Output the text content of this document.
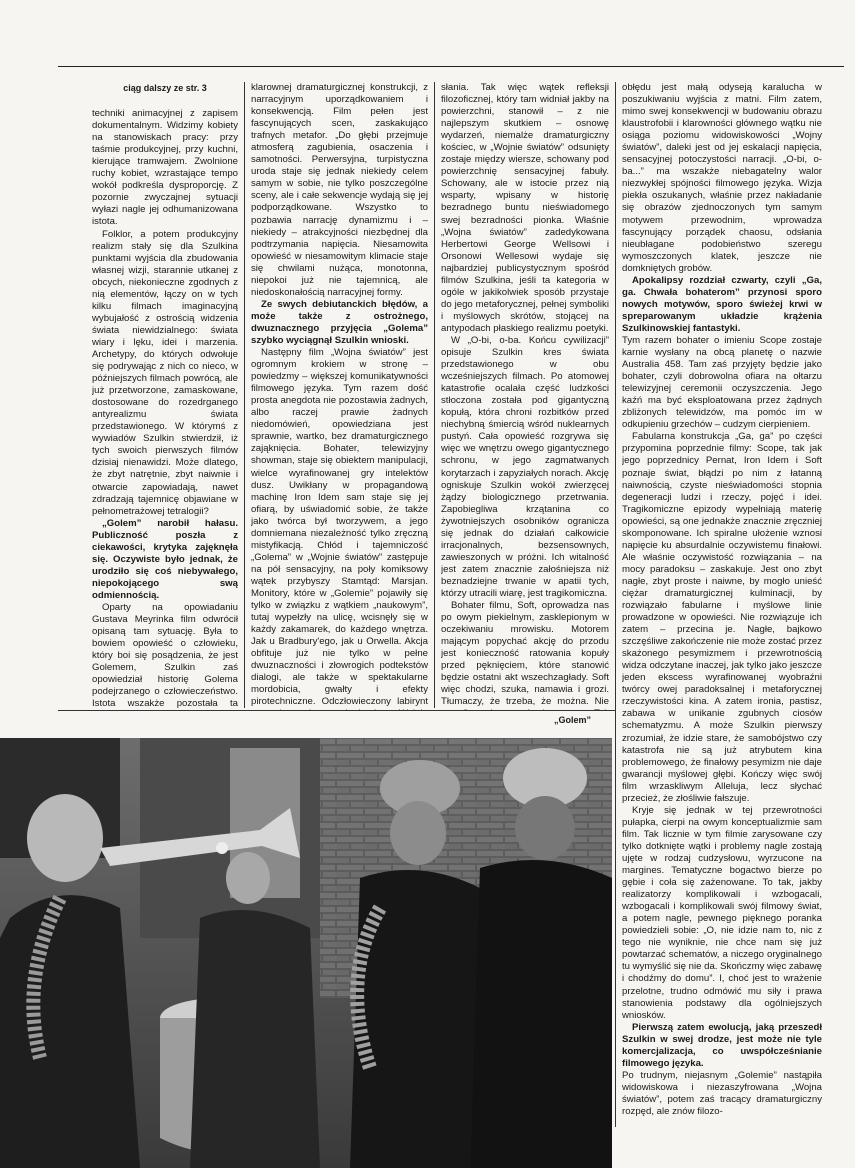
ciąg dalszy ze str. 3

techniki animacyjnej z zapisem dokumentalnym. Widzimy kobiety na stanowiskach pracy: przy taśmie produkcyjnej, przy kuchni, kierujące tramwajem. Zwolnione ruchy kobiet, wzrastające tempo wokół podkreśla dysproporcję. Z pozornie zwyczajnej sytuacji wyłazi nagle jej odhumanizowana istota.

Folklor, a potem produkcyjny realizm stały się dla Szulkina punktami wyjścia dla zbudowania własnej wizji, starannie utkanej z obcych, niekonieczne zgodnych z nią elementów, łączy on w tych kilku filmach imaginacyjną wybujałość z ostrością widzenia świata niewidzialnego: świata wiary i lęku, idei i marzenia. Archetypy, do których odwołuje się podrywając z nich co nieco, w późniejszych filmach powrócą, ale już przetworzone, zamaskowane, dostosowane do rozedrganego antyrealizmu świata przedstawionego. W którymś z wywiadów Szulkin stwierdził, iż tych swoich pierwszych filmów dzisiaj nienawidzi. Może dlatego, że zbyt natrętnie, zbyt naiwnie i otwarcie zapowiadają, nawet zdradzają tajemnicę objawiane w pełnometrażowej tetralogii?

„Golem” narobił hałasu. Publiczność poszła z ciekawości, krytyka zajęknęła się. Oczywiste było jednak, że urodziło się coś niebywałego, niepokojącego swą odmiennością.

Oparty na opowiadaniu Gustava Meyrinka film odwrócił opisaną tam sytuację. Była to bowiem opowieść o człowieku, który boi się posądzenia, że jest Golemem, Szulkin zaś opowiedział historię Golema podejrzanego o człowieczeństwo. Istota wszakże pozostała ta

klarownej dramaturgicznej konstrukcji, z narracyjnym uporządkowaniem i konsekwencją. Film pełen jest fascynujących scen, zaskakująco trafnych metafor. „Do głębi przejmuje atmosferą zagubienia, osaczenia i samotności. Perwersyjna, turpistyczna uroda staje się jednak niekiedy celem samym w sobie, nie tylko poszczególne sceny, ale i całe sekwencje wydają się jej podporządkowane. Wszystko to pozbawia narrację dynamizmu i – niekiedy – atrakcyjności niezbędnej dla podtrzymania napięcia. Niesamowita opowieść w niesamowitym klimacie staje się chwilami nużąca, monotonna, niepokoi już nie tajemnicą, ale niedoskonałością narracyjnej formy.

Ze swych debiutanckich błędów, a może także z ostrożnego, dwuznacznego przyjęcia „Golema” szybko wyciągnął Szulkin wnioski.

Następny film „Wojna światów” jest ogromnym krokiem w stronę – powiedzmy – większej komunikatywności filmowego języka. Tym razem dość prosta anegdota nie pozostawia żadnych, albo raczej prawie żadnych niedomówień, opowiedziana jest sprawnie, wartko, bez dramaturgicznego zająknięcia. Bohater, telewizyjny showman, staje się obiektem manipulacji, wielce wyrafinowanej gry intelektów dusz. Uwikłany w propagandową machinę Iron Idem sam staje się jej ofiarą, by uświadomić sobie, że także jako twórca był tworzywem, a jego domniemana niezależność tylko zręczną mistyfikacją. Chłód i tajemniczość „Golema” w „Wojnie światów” zastępuje na pół sensacyjny, na poły komiksowy wątek przybyszy Stamtąd: Marsjan. Monitory, które w „Golemie” pojawiły się tylko w związku z wątkiem „naukowym”, tutaj wypełzły na ulicę, wcisnęły się w każdy zakamarek, do każdego wnętrza. Jak u Bradbury'ego, jak u Orwella. Akcja obfituje już nie tylko w pełne dwuznaczności i złowrogich podtekstów dialogi, ale także w spektakularne mordobicia, gwałty i efekty pirotechniczne. Odczłowieczony labirynt

słania. Tak więc wątek refleksji filozoficznej, który tam widniał jakby na powierzchni, stanowił – z nie najlepszym skutkiem – osnowę wydarzeń, niemalże dramaturgiczny kościec, w „Wojnie światów” odsunięty zostaje między wiersze, schowany pod powierzchnię sensacyjnej fabuły. Schowany, ale w istocie przez nią wsparty, wpisany w historię bezradnego buntu nieświadomego swej bezradności pionka. Właśnie „Wojna światów” zadedykowana Herbertowi George Wellsowi i Orsonowi Wellesowi wydaje się najbardziej publicystycznym spośród filmów Szulkina, jeśli ta kategoria w ogóle w jakikolwiek sposób przystaje do jego metaforycznej, pełnej symboliki i myślowych skrótów, stojącej na antypodach płaskiego realizmu poetyki.

W „O-bi, o-ba. Końcu cywilizacji” opisuje Szulkin kres świata przedstawionego w obu wcześniejszych filmach. Po atomowej katastrofie ocalała część ludzkości stłoczona została pod gigantyczną kopułą, która chroni rozbitków przed niechybną śmiercią wśród nuklearnych pustyń. Cała opowieść rozgrywa się więc we wnętrzu owego gigantycznego schronu, w jego zagmatwanych korytarzach i zapyziałych norach. Akcję ogniskuje Szulkin wokół zwierzęcej żądzy biologicznego przetrwania. Zapobiegliwa krzątanina co żywotniejszych osobników ogranicza się jednak do działań całkowicie irracjonalnych, bezsensownych, zawieszonych w próżni. Ich witalność jest zatem znacznie załośniejsza niż beznadziejne trwanie w apatii tych, którzy utracili wiarę, jest tragikomiczna.

Bohater filmu, Soft, oprowadza nas po owym piekielnym, zasklepionym w oczekiwaniu mrowisku. Motorem mającym popychać akcję do przodu jest konieczność ratowania kopuły przed pęknięciem, które stanowić będzie ostatni akt wszechzagłady. Soft więc chodzi, szuka, namawia i grozi. Tłumaczy, że trzeba, że można. Nie

obłędu jest małą odyseją karalucha w poszukiwaniu wyjścia z matni. Film zatem, mimo swej konsekwencji w budowaniu obrazu klaustrofobii i klarowności głównego wątku nie osiąga poziomu widowiskowości „Wojny światów”, daleki jest od jej eskalacji napięcia, sensacyjnej potoczystości narracji. „O-bi, o-ba...” ma wszakże niebagatelny walor niezwykłej spójności filmowego języka. Wizja piekła oszukanych, właśnie przez nakładanie się obrazów zjednoczonych tym samym motywem przewodnim, wprowadza fascynujący porządek chaosu, odsłania nieubłagane podobieństwo szeregu wymoszczonych klatek, jeszcze nie domkniętych grobów.

Apokalipsy rozdział czwarty, czyli „Ga, ga. Chwała bohaterom” przynosi sporo nowych motywów, sporo świeżej krwi w spreparowanym układzie krążenia Szulkinowskiej fantastyki.

Tym razem bohater o imieniu Scope zostaje karnie wysłany na obcą planetę o nazwie Australia 458. Tam zaś przyjęty będzie jako bohater, czyli dobrowolna ofiara na ołtarzu telewizyjnej ceremonii oczyszczenia. Jego kaźń ma być eksploatowana przez żądnych zbliżonych telewidzów, ma pomóc im w odkupieniu grzechów – cudzym cierpieniem.

Fabularna konstrukcja „Ga, ga” po części przypomina poprzednie filmy: Scope, tak jak jego poprzednicy Pernat, Iron Idem i Soft poznaje świat, błądzi po nim z łatanną naiwnością, czyste nieświadomości stopnia degeneracji ludzi i rzeczy, pojęć i idei. Tragikomiczne epizody wypełniają materię opowieści, są one jednakże znacznie zręczniej skomponowane. Ich spiralne ułożenie wznosi napięcie ku absurdalnie oczywistemu finałowi. Ale właśnie oczywistość rozwiązania – na mocy paradoksu – zaskakuje. Jest ono zbyt nagłe, zbyt proste i naiwne, by mogło unieść ciężar dramaturgicznej kulminacji, by rozwiązało fabularne i myślowe linie prowadzone w opowieści. Nie rozwiązuje ich zatem – przecina je. Nagłe, bajkowo szczęśliwe zakończenie nie może zostać przez skażonego pesymizmem i przewrotnością widza odczytane inaczej, jak tylko jako jeszcze jeden ekscess wyrafinowanej wyobraźni twórcy owej paradoksalnej i metaforycznej rzeczywistości kina. A zatem ironia, pastisz, zabawa w unikanie zgubnych ciosów schematyzmu. A może Szulkin pierwszy zrozumiał, że idzie stare, że samobójstwo czy katastrofa nie są już atrybutem kina problemowego, że finałowy pesymizm nie daje gwarancji myślowej głębi. Kończy więc swój film wrzaskliwym Alleluja, lecz słychać przecież, że złośliwie fałszuje.

Kryje się jednak w tej przewrotności pułapka, cierpi na owym konceptualizmie sam film. Tak licznie w tym filmie zarysowane czy tylko dotknięte wątki i problemy nagle zostają ujęte w rodzaj cudzysłowu, wyrzucone na margines. Tematyczne bogactwo bierze po gębie i coła się zażenowane. To tak, jakby realizatorzy komplikowali i wzbogacali, wzbogacali i komplikowali swój filmowy świat, a potem nagle, pewnego pięknego poranka powiedzieli sobie: „O, nie idzie nam to, nic z tego nie wyniknie, nie chce nam się już powtarzać schematów, a niczego oryginalnego tu wymyślić się nie da. Skończmy więc zabawę i chodźmy do domu”. I, choć jest to wrażenie przelotne, trudno odmówić mu siły i prawa stanowienia podstawy dla ogólniejszych wniosków.

Pierwszą zatem ewolucją, jaką przeszedł Szulkin w swej drodze, jest może nie tyle komercjalizacja, co uwspółcześnianie filmowego języka.

Po trudnym, niejasnym „Golemie” nastąpiła widowiskowa i niezaszyfrowana „Wojna światów”, potem zaś tracący dramaturgiczny rozpęd, ale znów filozo-

„Golem”
